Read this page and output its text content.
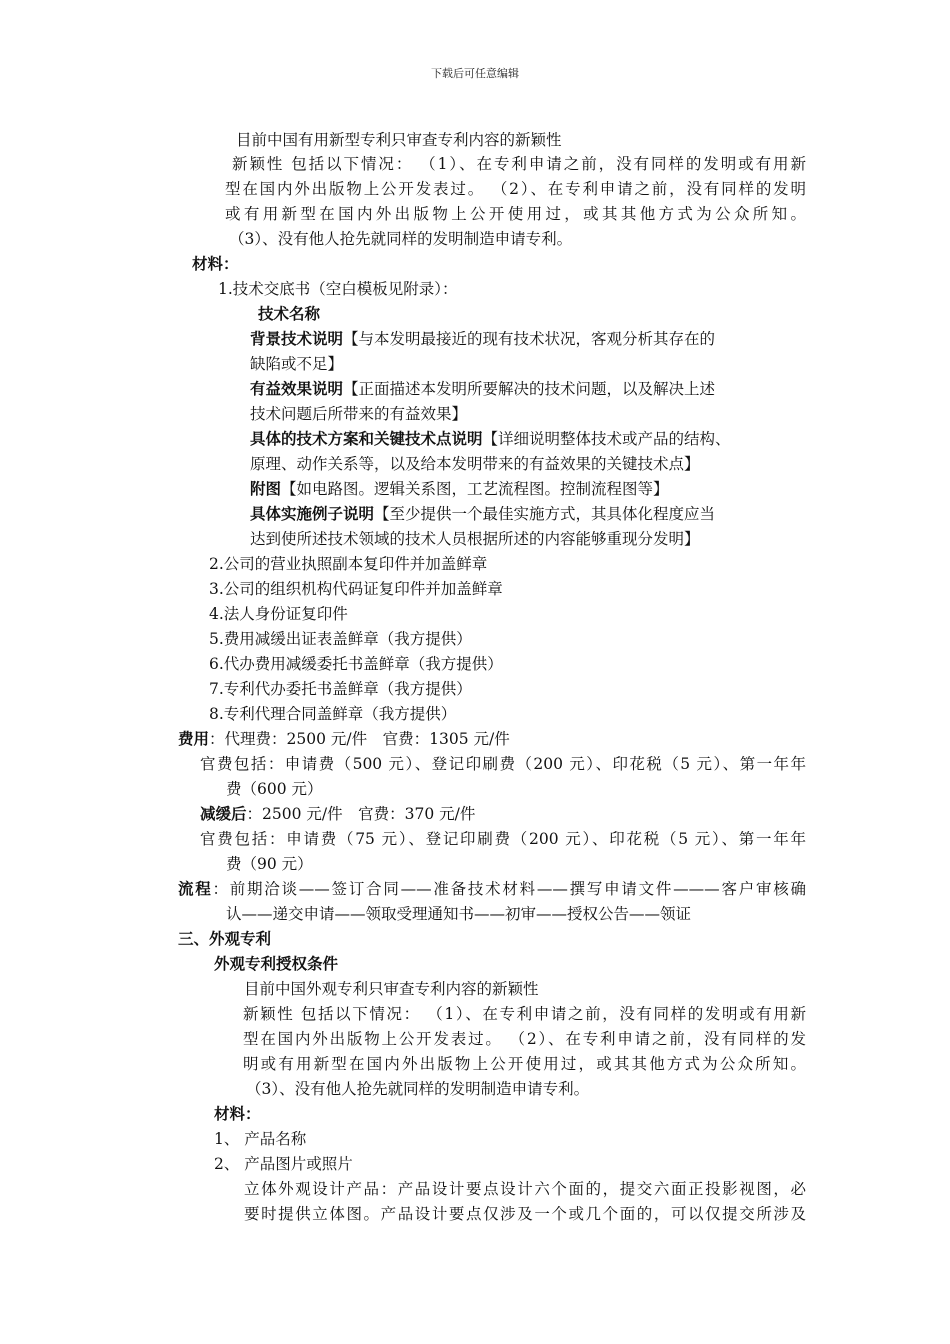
下载后可任意编辑
目前中国有用新型专利只审查专利内容的新颖性
新颖性 包括以下情况： （1）、在专利申请之前，没有同样的发明或有用新
型在国内外出版物上公开发表过。 （2）、在专利申请之前，没有同样的发明
或有用新型在国内外出版物上公开使用过，或其其他方式为公众所知。
（3）、没有他人抢先就同样的发明制造申请专利。
材料：
1.技术交底书（空白模板见附录）：
技术名称
背景技术说明【与本发明最接近的现有技术状况，客观分析其存在的
缺陷或不足】
有益效果说明【正面描述本发明所要解决的技术问题，以及解决上述
技术问题后所带来的有益效果】
具体的技术方案和关键技术点说明【详细说明整体技术或产品的结构、
原理、动作关系等，以及给本发明带来的有益效果的关键技术点】
附图【如电路图。逻辑关系图，工艺流程图。控制流程图等】
具体实施例子说明【至少提供一个最佳实施方式，其具体化程度应当
达到使所述技术领域的技术人员根据所述的内容能够重现分发明】
2.公司的营业执照副本复印件并加盖鲜章
3.公司的组织机构代码证复印件并加盖鲜章
4.法人身份证复印件
5.费用减缓出证表盖鲜章（我方提供）
6.代办费用减缓委托书盖鲜章（我方提供）
7.专利代办委托书盖鲜章（我方提供）
8.专利代理合同盖鲜章（我方提供）
费用：代理费：2500 元/件　官费：1305 元/件
官费包括：申请费（500 元）、登记印刷费（200 元）、印花税（5 元）、第一年年
费（600 元）
减缓后：2500 元/件　官费：370 元/件
官费包括：申请费（75 元）、登记印刷费（200 元）、印花税（5 元）、第一年年
费（90 元）
流程：前期洽谈——签订合同——准备技术材料——撰写申请文件———客户审核确
认——递交申请——领取受理通知书——初审——授权公告——领证
三、外观专利
外观专利授权条件
目前中国外观专利只审查专利内容的新颖性
新颖性 包括以下情况： （1）、在专利申请之前，没有同样的发明或有用新
型在国内外出版物上公开发表过。 （2）、在专利申请之前，没有同样的发
明或有用新型在国内外出版物上公开使用过，或其其他方式为公众所知。
（3）、没有他人抢先就同样的发明制造申请专利。
材料：
1、 产品名称
2、 产品图片或照片
立体外观设计产品：产品设计要点设计六个面的，提交六面正投影视图，必
要时提供立体图。产品设计要点仅涉及一个或几个面的，可以仅提交所涉及
